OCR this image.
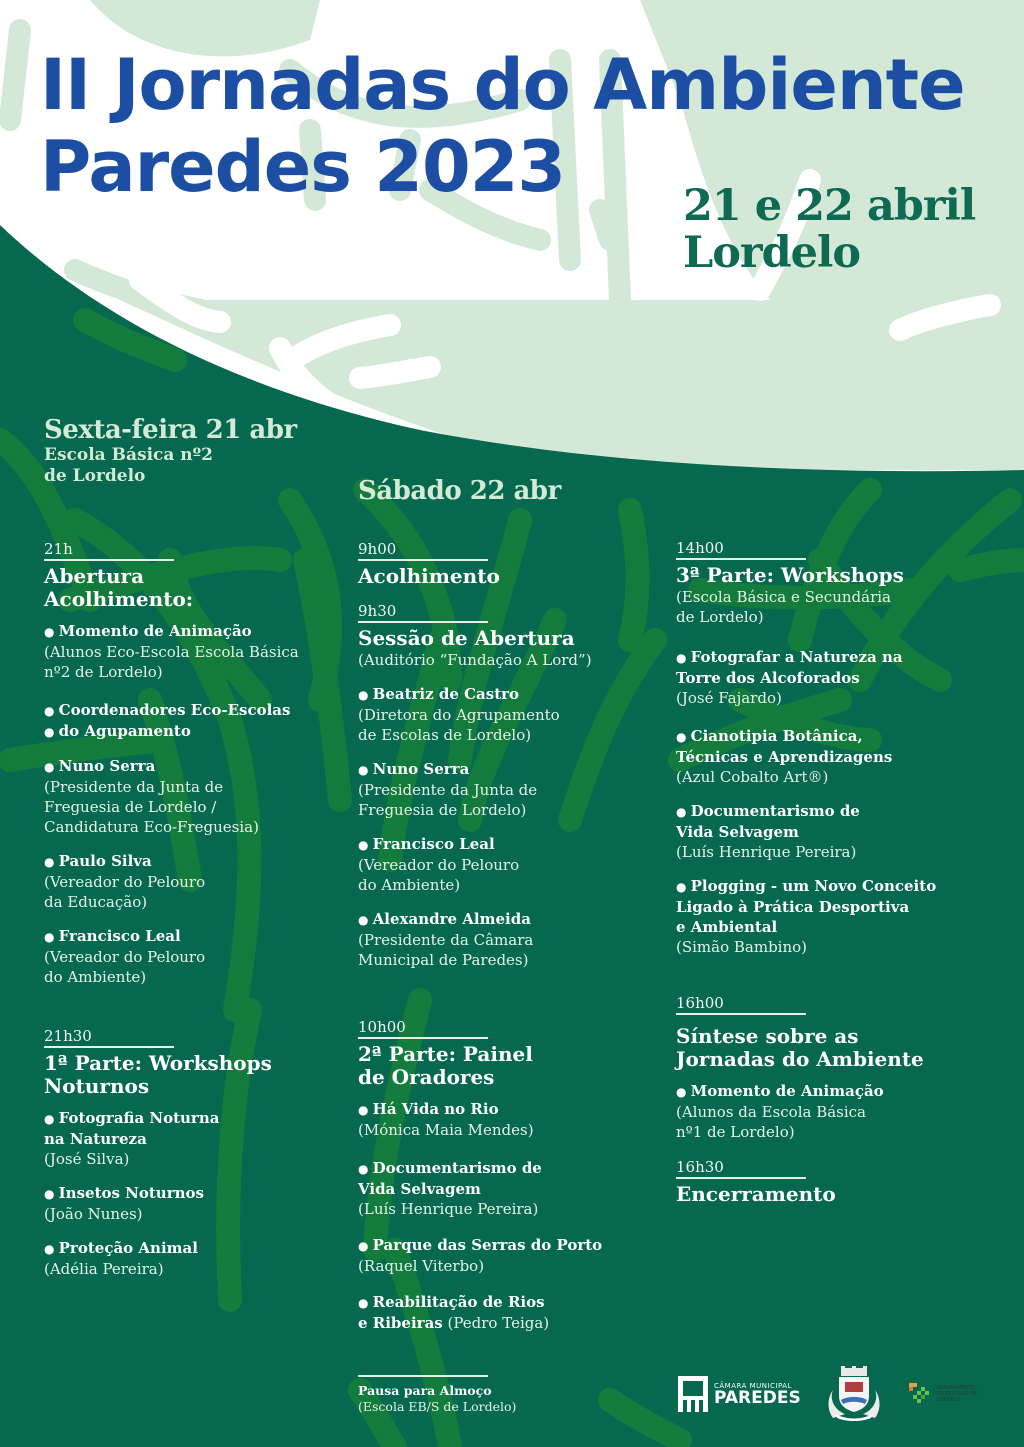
II Jornadas do Ambiente
Paredes 2023	21 e 22 abril
Lordelo
Sexta-feira 21 abr
Escola Básica nº2
de Lordelo	Sábado 22 abr
21h
Abertura
Acolhimento:
● Momento de Animação
(Alunos Eco-Escola Escola Básica
nº2 de Lordelo)
● Coordenadores Eco-Escolas
● do Agupamento
● Nuno Serra
(Presidente da Junta de
Freguesia de Lordelo /
Candidatura Eco-Freguesia)
● Paulo Silva
(Vereador do Pelouro
da Educação)
● Francisco Leal
(Vereador do Pelouro
do Ambiente)
21h30
1ª Parte: Workshops
Noturnos
● Fotografia Noturna
na Natureza
(José Silva)
● Insetos Noturnos
(João Nunes)
● Proteção Animal
(Adélia Pereira)
9h00
Acolhimento
9h30
Sessão de Abertura
(Auditório “Fundação A Lord”)
● Beatriz de Castro
(Diretora do Agrupamento
de Escolas de Lordelo)
● Nuno Serra
(Presidente da Junta de
Freguesia de Lordelo)
● Francisco Leal
(Vereador do Pelouro
do Ambiente)
● Alexandre Almeida
(Presidente da Câmara
Municipal de Paredes)
10h00
2ª Parte: Painel
de Oradores
● Há Vida no Rio
(Mónica Maia Mendes)
● Documentarismo de
Vida Selvagem
(Luís Henrique Pereira)
● Parque das Serras do Porto
(Raquel Viterbo)
● Reabilitação de Rios
e Ribeiras (Pedro Teiga)
Pausa para Almoço
(Escola EB/S de Lordelo)
14h00
3ª Parte: Workshops
(Escola Básica e Secundária
de Lordelo)
● Fotografar a Natureza na
Torre dos Alcoforados
(José Fajardo)
● Cianotipia Botânica,
Técnicas e Aprendizagens
(Azul Cobalto Art®)
● Documentarismo de
Vida Selvagem
(Luís Henrique Pereira)
● Plogging - um Novo Conceito
Ligado à Prática Desportiva
e Ambiental
(Simão Bambino)
16h00
Síntese sobre as
Jornadas do Ambiente
● Momento de Animação
(Alunos da Escola Básica
nº1 de Lordelo)
16h30
Encerramento
CÂMARA MUNICIPAL
PAREDES	AGRUPAMENTO
DE ESCOLAS DE
LORDELO
